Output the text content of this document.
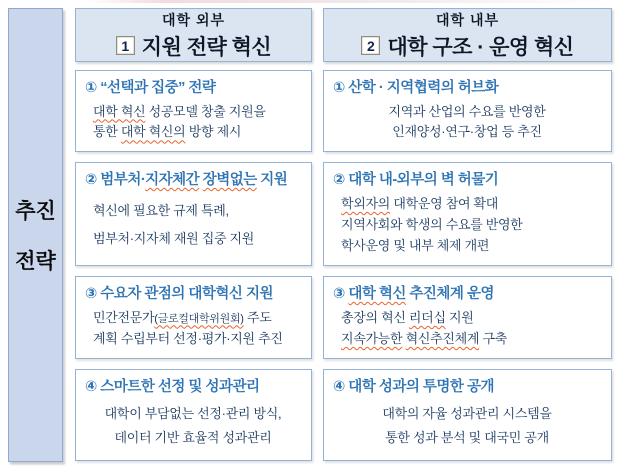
추진
전략
대학 외부
1 지원 전략 혁신
① “선택과 집중” 전략
대학 혁신 성공모델 창출 지원을
통한 대학 혁신의 방향 제시
② 범부처·지자체간 장벽없는 지원
혁신에 필요한 규제 특례,
범부처·지자체 재원 집중 지원
③ 수요자 관점의 대학혁신 지원
민간전문가(글로컬대학위원회) 주도
계획 수립부터 선정·평가·지원 추진
④ 스마트한 선정 및 성과관리
대학이 부담없는 선정·관리 방식,
데이터 기반 효율적 성과관리
대학 내부
2 대학 구조 · 운영 혁신
① 산학 · 지역협력의 허브화
지역과 산업의 수요를 반영한
인재양성·연구·창업 등 추진
② 대학 내-외부의 벽 허물기
학외자의 대학운영 참여 확대
지역사회와 학생의 수요를 반영한
학사운영 및 내부 체제 개편
③ 대학 혁신 추진체계 운영
총장의 혁신 리더십 지원
지속가능한 혁신추진체계 구축
④ 대학 성과의 투명한 공개
대학의 자율 성과관리 시스템을
통한 성과 분석 및 대국민 공개
